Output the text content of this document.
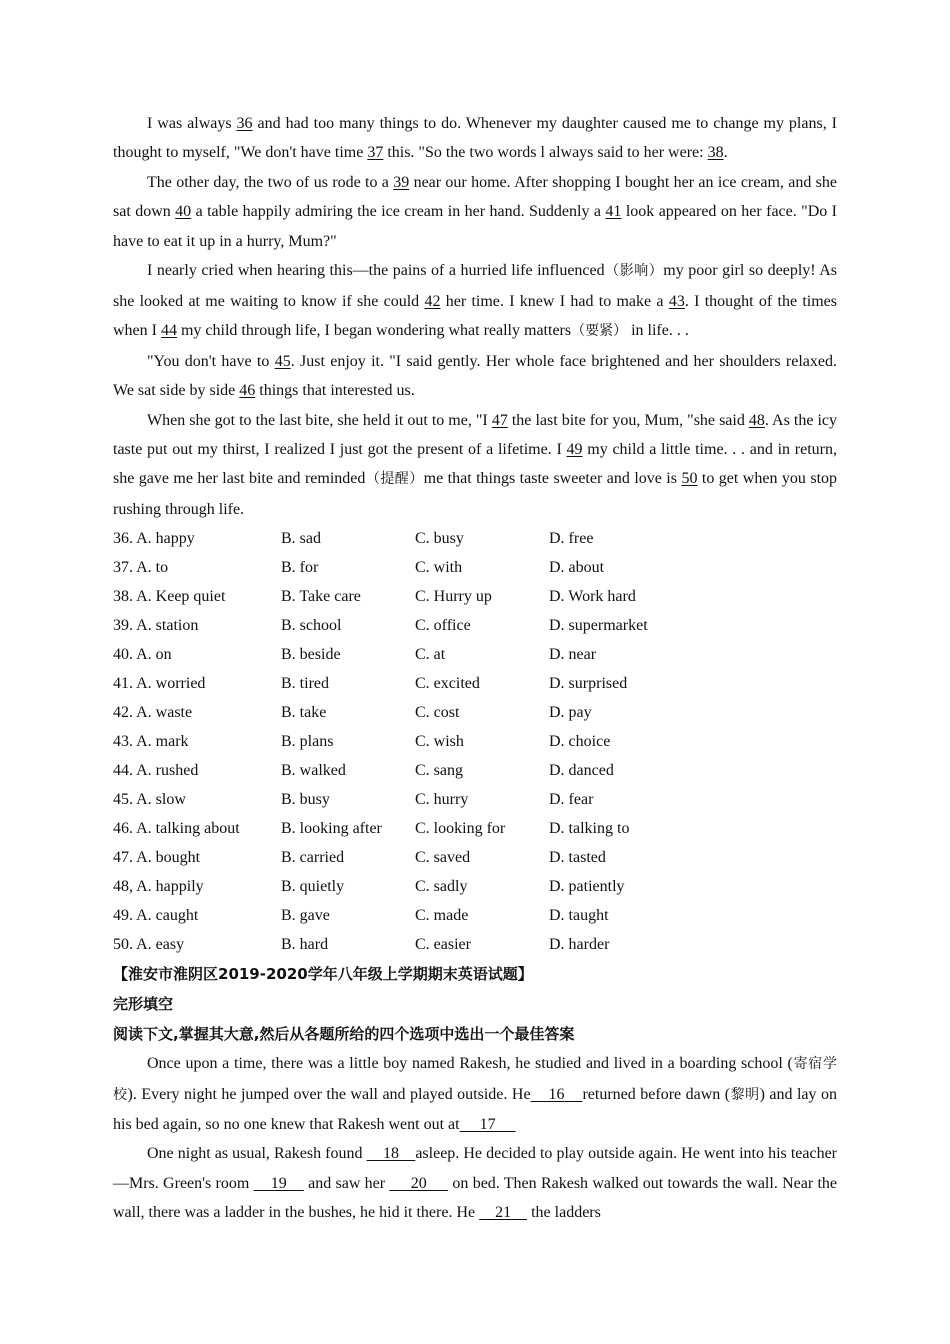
I was always 36 and had too many things to do. Whenever my daughter caused me to change my plans, I thought to myself, "We don't have time 37 this. "So the two words l always said to her were: 38.

The other day, the two of us rode to a 39 near our home. After shopping I bought her an ice cream, and she sat down 40 a table happily admiring the ice cream in her hand. Suddenly a 41 look appeared on her face. "Do I have to eat it up in a hurry, Mum?"

I nearly cried when hearing this—the pains of a hurried life influenced（影响）my poor girl so deeply! As she looked at me waiting to know if she could 42 her time. I knew I had to make a 43. I thought of the times when I 44 my child through life, I began wondering what really matters（要紧） in life. . .

"You don't have to 45. Just enjoy it. "I said gently. Her whole face brightened and her shoulders relaxed. We sat side by side 46 things that interested us.

When she got to the last bite, she held it out to me, "I 47 the last bite for you, Mum, "she said 48. As the icy taste put out my thirst, I realized I just got the present of a lifetime. I 49 my child a little time. . . and in return, she gave me her last bite and reminded（提醒）me that things taste sweeter and love is 50 to get when you stop rushing through life.

36. A. happy	B. sad	C. busy	D. free
37. A. to	B. for	C. with	D. about
38. A. Keep quiet	B. Take care	C. Hurry up	D. Work hard
39. A. station	B. school	C. office	D. supermarket
40. A. on	B. beside	C. at	D. near
41. A. worried	B. tired	C. excited	D. surprised
42. A. waste	B. take	C. cost	D. pay
43. A. mark	B. plans	C. wish	D. choice
44. A. rushed	B. walked	C. sang	D. danced
45. A. slow	B. busy	C. hurry	D. fear
46. A. talking about	B. looking after	C. looking for	D. talking to
47. A. bought	B. carried	C. saved	D. tasted
48, A. happily	B. quietly	C. sadly	D. patiently
49. A. caught	B. gave	C. made	D. taught
50. A. easy	B. hard	C. easier	D. harder
【淮安市淮阴区2019-2020学年八年级上学期期末英语试题】
完形填空
阅读下文,掌握其大意,然后从各题所给的四个选项中选出一个最佳答案

Once upon a time, there was a little boy named Rakesh, he studied and lived in a boarding school (寄宿学校). Every night he jumped over the wall and played outside. He    16    returned before dawn (黎明) and lay on his bed again, so no one knew that Rakesh went out at     17

One night as usual, Rakesh found     18    asleep. He decided to play outside again. He went into his teacher—Mrs. Green's room     19     and saw her      20      on bed. Then Rakesh walked out towards the wall. Near the wall, there was a ladder in the bushes, he hid it there. He     21     the ladders
